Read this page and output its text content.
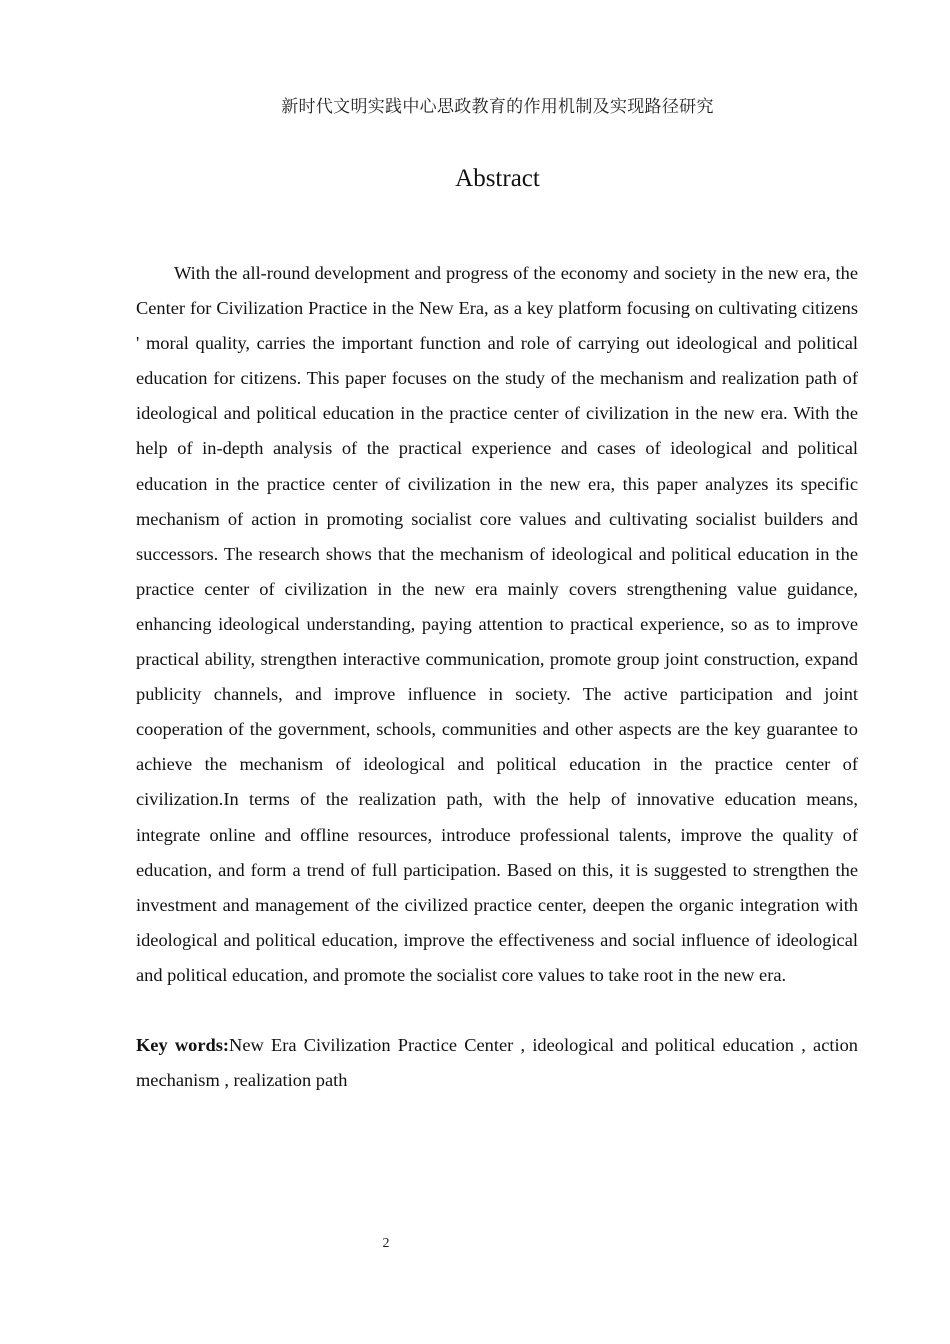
新时代文明实践中心思政教育的作用机制及实现路径研究
Abstract

With the all-round development and progress of the economy and society in the new era, the Center for Civilization Practice in the New Era, as a key platform focusing on cultivating citizens ' moral quality, carries the important function and role of carrying out ideological and political education for citizens. This paper focuses on the study of the mechanism and realization path of ideological and political education in the practice center of civilization in the new era. With the help of in-depth analysis of the practical experience and cases of ideological and political education in the practice center of civilization in the new era, this paper analyzes its specific mechanism of action in promoting socialist core values and cultivating socialist builders and successors. The research shows that the mechanism of ideological and political education in the practice center of civilization in the new era mainly covers strengthening value guidance, enhancing ideological understanding, paying attention to practical experience, so as to improve practical ability, strengthen interactive communication, promote group joint construction, expand publicity channels, and improve influence in society. The active participation and joint cooperation of the government, schools, communities and other aspects are the key guarantee to achieve the mechanism of ideological and political education in the practice center of civilization.In terms of the realization path, with the help of innovative education means, integrate online and offline resources, introduce professional talents, improve the quality of education, and form a trend of full participation. Based on this, it is suggested to strengthen the investment and management of the civilized practice center, deepen the organic integration with ideological and political education, improve the effectiveness and social influence of ideological and political education, and promote the socialist core values to take root in the new era.

Key words:New Era Civilization Practice Center , ideological and political education , action mechanism , realization path

2
